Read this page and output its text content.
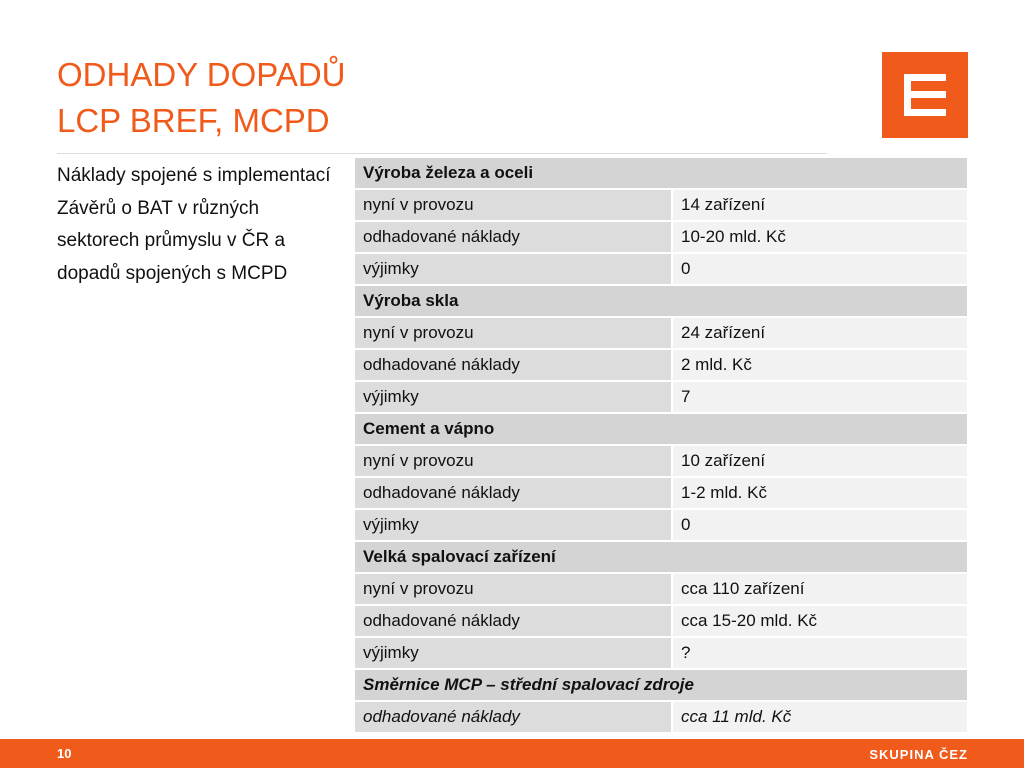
ODHADY DOPADŮ
LCP BREF, MCPD
Náklady spojené s implementací Závěrů o BAT v různých sektorech průmyslu v ČR a dopadů spojených s MCPD
Výroba železa a oceli
nyní v provozu	14 zařízení
odhadované náklady	10-20 mld. Kč
výjimky	0
Výroba skla
nyní v provozu	24 zařízení
odhadované náklady	2 mld. Kč
výjimky	7
Cement a vápno
nyní v provozu	10 zařízení
odhadované náklady	1-2 mld. Kč
výjimky	0
Velká spalovací zařízení
nyní v provozu	cca 110 zařízení
odhadované náklady	cca 15-20 mld. Kč
výjimky	?
Směrnice MCP – střední spalovací zdroje
odhadované náklady	cca 11 mld. Kč
10	SKUPINA ČEZ
